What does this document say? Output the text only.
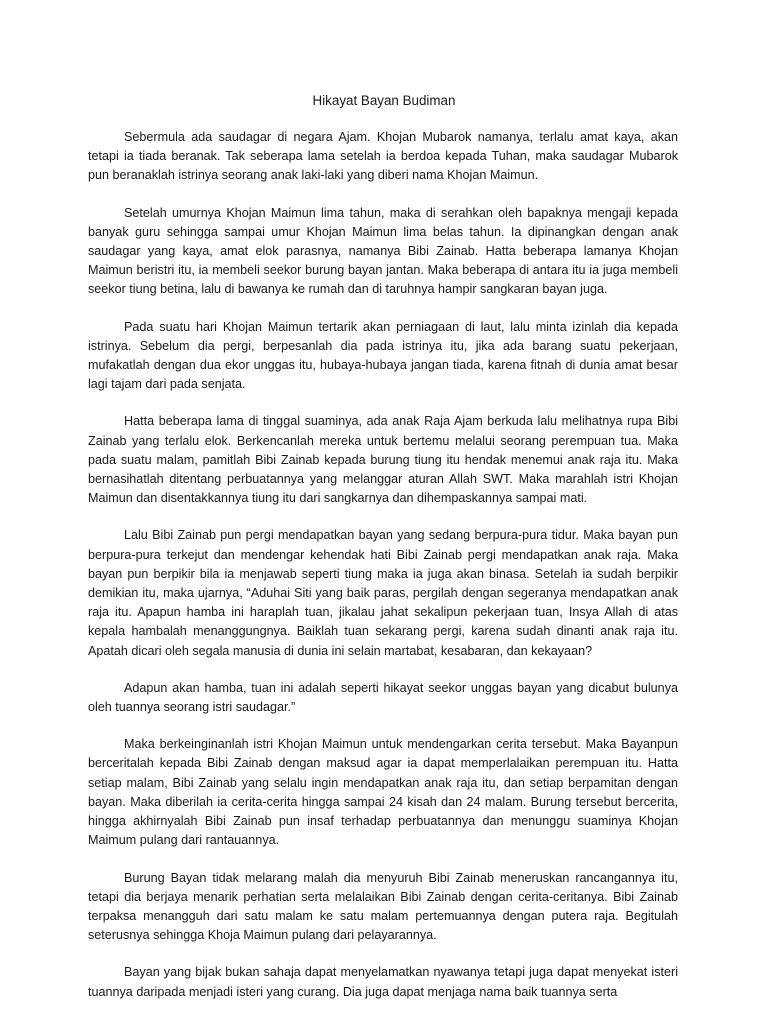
Hikayat Bayan Budiman

Sebermula ada saudagar di negara Ajam. Khojan Mubarok namanya, terlalu amat kaya, akan tetapi ia tiada beranak. Tak seberapa lama setelah ia berdoa kepada Tuhan, maka saudagar Mubarok pun beranaklah istrinya seorang anak laki-laki yang diberi nama Khojan Maimun.

Setelah umurnya Khojan Maimun lima tahun, maka di serahkan oleh bapaknya mengaji kepada banyak guru sehingga sampai umur Khojan Maimun lima belas tahun. Ia dipinangkan dengan anak saudagar yang kaya, amat elok parasnya, namanya Bibi Zainab. Hatta beberapa lamanya Khojan Maimun beristri itu, ia membeli seekor burung bayan jantan. Maka beberapa di antara itu ia juga membeli seekor tiung betina, lalu di bawanya ke rumah dan di taruhnya hampir sangkaran bayan juga.

Pada suatu hari Khojan Maimun tertarik akan perniagaan di laut, lalu minta izinlah dia kepada istrinya. Sebelum dia pergi, berpesanlah dia pada istrinya itu, jika ada barang suatu pekerjaan, mufakatlah dengan dua ekor unggas itu, hubaya-hubaya jangan tiada, karena fitnah di dunia amat besar lagi tajam dari pada senjata.

Hatta beberapa lama di tinggal suaminya, ada anak Raja Ajam berkuda lalu melihatnya rupa Bibi Zainab yang terlalu elok. Berkencanlah mereka untuk bertemu melalui seorang perempuan tua. Maka pada suatu malam, pamitlah Bibi Zainab kepada burung tiung itu hendak menemui anak raja itu. Maka bernasihatlah ditentang perbuatannya yang melanggar aturan Allah SWT. Maka marahlah istri Khojan Maimun dan disentakkannya tiung itu dari sangkarnya dan dihempaskannya sampai mati.

Lalu Bibi Zainab pun pergi mendapatkan bayan yang sedang berpura-pura tidur. Maka bayan pun berpura-pura terkejut dan mendengar kehendak hati Bibi Zainab pergi mendapatkan anak raja. Maka bayan pun berpikir bila ia menjawab seperti tiung maka ia juga akan binasa. Setelah ia sudah berpikir demikian itu, maka ujarnya, “Aduhai Siti yang baik paras, pergilah dengan segeranya mendapatkan anak raja itu. Apapun hamba ini haraplah tuan, jikalau jahat sekalipun pekerjaan tuan, Insya Allah di atas kepala hambalah menanggungnya. Baiklah tuan sekarang pergi, karena sudah dinanti anak raja itu. Apatah dicari oleh segala manusia di dunia ini selain martabat, kesabaran, dan kekayaan?

Adapun akan hamba, tuan ini adalah seperti hikayat seekor unggas bayan yang dicabut bulunya oleh tuannya seorang istri saudagar.”

Maka berkeinginanlah istri Khojan Maimun untuk mendengarkan cerita tersebut. Maka Bayanpun berceritalah kepada Bibi Zainab dengan maksud agar ia dapat memperlalaikan perempuan itu. Hatta setiap malam, Bibi Zainab yang selalu ingin mendapatkan anak raja itu, dan setiap berpamitan dengan bayan. Maka diberilah ia cerita-cerita hingga sampai 24 kisah dan 24 malam. Burung tersebut bercerita, hingga akhirnyalah Bibi Zainab pun insaf terhadap perbuatannya dan menunggu suaminya Khojan Maimum pulang dari rantauannya.

Burung Bayan tidak melarang malah dia menyuruh Bibi Zainab meneruskan rancangannya itu, tetapi dia berjaya menarik perhatian serta melalaikan Bibi Zainab dengan cerita-ceritanya. Bibi Zainab terpaksa menangguh dari satu malam ke satu malam pertemuannya dengan putera raja. Begitulah seterusnya sehingga Khoja Maimun pulang dari pelayarannya.

Bayan yang bijak bukan sahaja dapat menyelamatkan nyawanya tetapi juga dapat menyekat isteri tuannya daripada menjadi isteri yang curang. Dia juga dapat menjaga nama baik tuannya serta
